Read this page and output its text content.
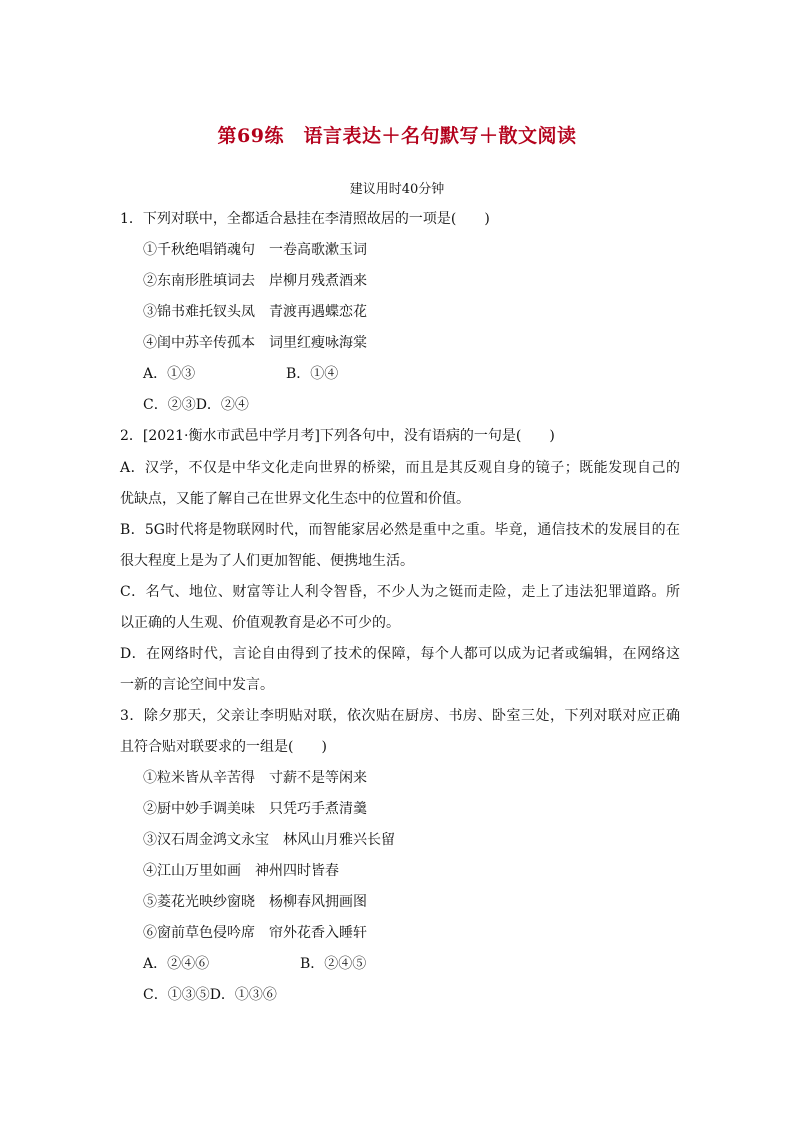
第69练　语言表达＋名句默写＋散文阅读
建议用时40分钟

1．下列对联中，全都适合悬挂在李清照故居的一项是(　　)

①千秋绝唱销魂句　一卷高歌漱玉词

②东南形胜填词去　岸柳月残煮酒来

③锦书难托钗头凤　青渡再遇蝶恋花

④闺中苏辛传孤本　词里红瘦咏海棠

A．①③	B．①④

C．②③D．②④

2．[2021·衡水市武邑中学月考]下列各句中，没有语病的一句是(　　)

A．汉学，不仅是中华文化走向世界的桥梁，而且是其反观自身的镜子；既能发现自己的

优缺点，又能了解自己在世界文化生态中的位置和价值。

B．5G时代将是物联网时代，而智能家居必然是重中之重。毕竟，通信技术的发展目的在

很大程度上是为了人们更加智能、便携地生活。

C．名气、地位、财富等让人利令智昏，不少人为之铤而走险，走上了违法犯罪道路。所

以正确的人生观、价值观教育是必不可少的。

D．在网络时代，言论自由得到了技术的保障，每个人都可以成为记者或编辑，在网络这

一新的言论空间中发言。

3．除夕那天，父亲让李明贴对联，依次贴在厨房、书房、卧室三处，下列对联对应正确

且符合贴对联要求的一组是(　　)

①粒米皆从辛苦得　寸薪不是等闲来

②厨中妙手调美味　只凭巧手煮清羹

③汉石周金鸿文永宝　林风山月雅兴长留

④江山万里如画　神州四时皆春

⑤菱花光映纱窗晓　杨柳春风拥画图

⑥窗前草色侵吟席　帘外花香入睡轩

A．②④⑥	B．②④⑤

C．①③⑤D．①③⑥
